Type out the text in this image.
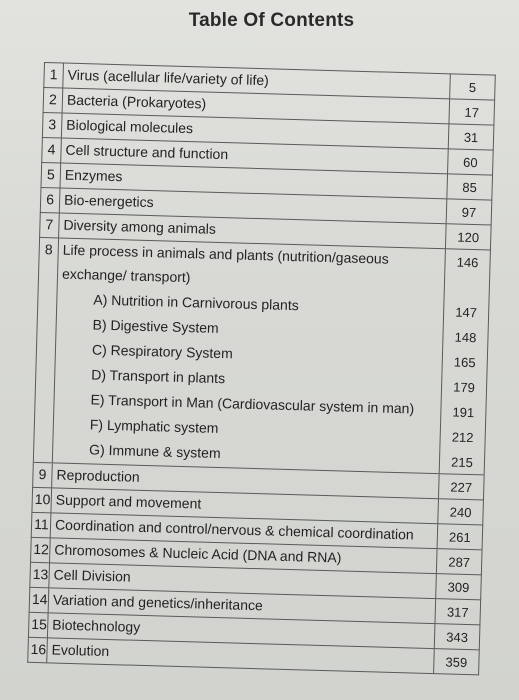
Table Of Contents
1	Virus (acellular life/variety of life)	5
2	Bacteria (Prokaryotes)	17
3	Biological molecules	31
4	Cell structure and function	60
5	Enzymes	85
6	Bio-energetics	97
7	Diversity among animals	120
8	Life process in animals and plants (nutrition/gaseous	146
	exchange/ transport)	
	A) Nutrition in Carnivorous plants	147
	B) Digestive System	148
	C) Respiratory System	165
	D) Transport in plants	179
	E) Transport in Man (Cardiovascular system in man)	191
	F) Lymphatic system	212
	G) Immune & system	215
9	Reproduction	227
10	Support and movement	240
11	Coordination and control/nervous & chemical coordination	261
12	Chromosomes & Nucleic Acid (DNA and RNA)	287
13	Cell Division	309
14	Variation and genetics/inheritance	317
15	Biotechnology	343
16	Evolution	359
